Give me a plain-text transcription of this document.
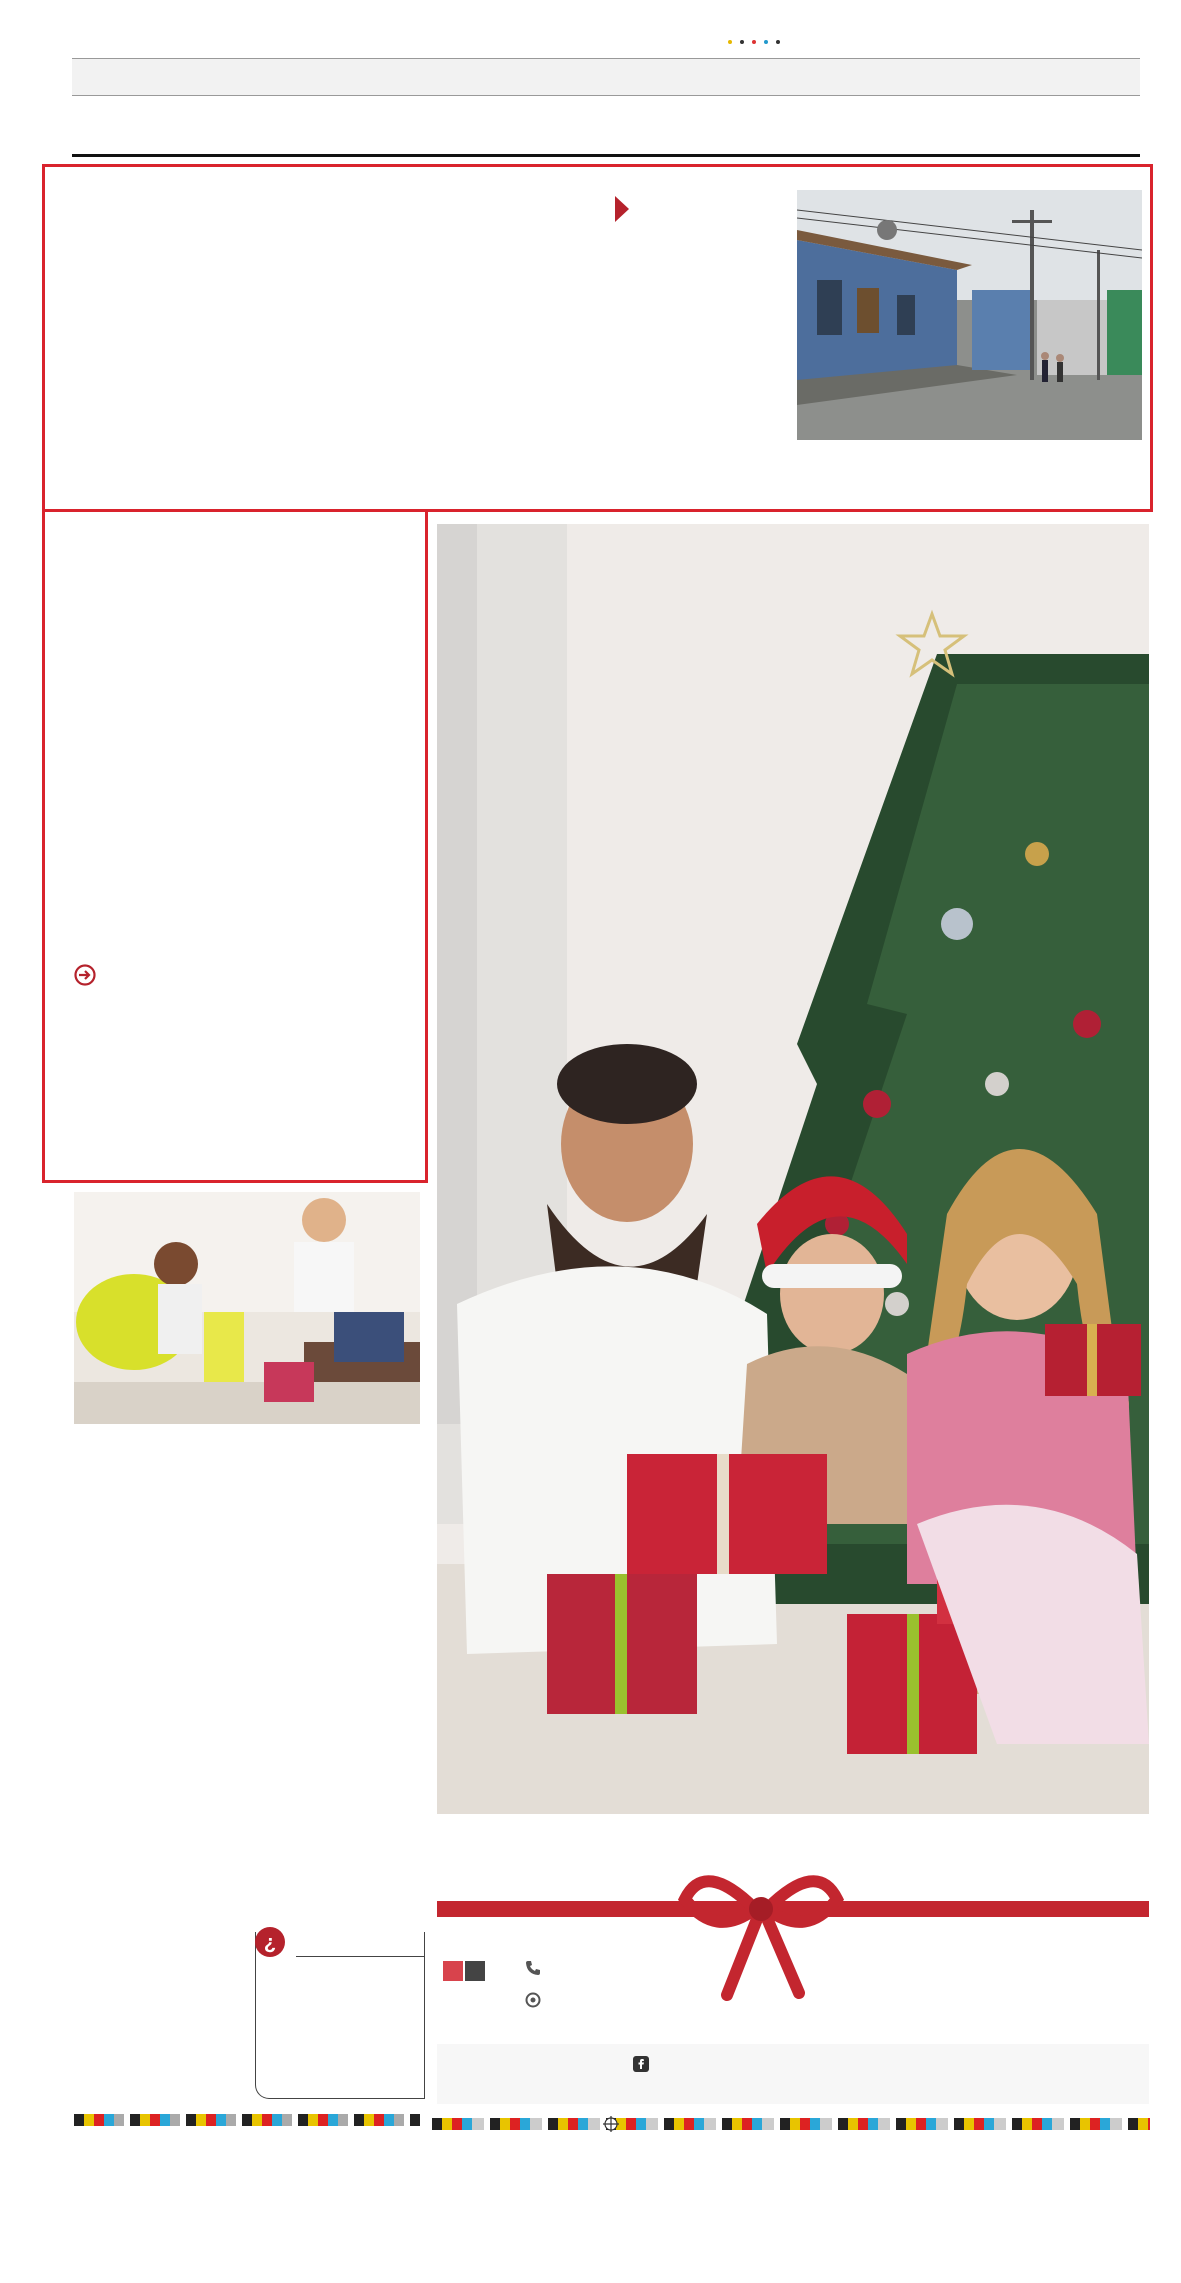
¿
